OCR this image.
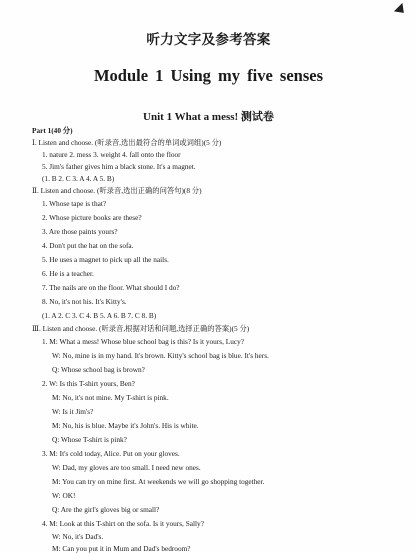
听力文字及参考答案
Module 1 Using my five senses
Unit 1 What a mess! 测试卷
Part 1(40 分)
Ⅰ. Listen and choose. (听录音,选出最符合的单词或词组)(5 分)
1. nature 2. mess 3. weight 4. fall onto the floor
5. Jim's father gives him a black stone. It's a magnet.
(1. B 2. C 3. A 4. A 5. B)
Ⅱ. Listen and choose. (听录音,选出正确的问答句)(8 分)
1. Whose tape is that?
2. Whose picture books are these?
3. Are those paints yours?
4. Don't put the hat on the sofa.
5. He uses a magnet to pick up all the nails.
6. He is a teacher.
7. The nails are on the floor. What should I do?
8. No, it's not his. It's Kitty's.
(1. A 2. C 3. C 4. B 5. A 6. B 7. C 8. B)
Ⅲ. Listen and choose. (听录音,根据对话和问题,选择正确的答案)(5 分)
1. M: What a mess! Whose blue school bag is this? Is it yours, Lucy?
W: No, mine is in my hand. It's brown. Kitty's school bag is blue. It's hers.
Q: Whose school bag is brown?
2. W: Is this T-shirt yours, Ben?
M: No, it's not mine. My T-shirt is pink.
W: Is it Jim's?
M: No, his is blue. Maybe it's John's. His is white.
Q: Whose T-shirt is pink?
3. M: It's cold today, Alice. Put on your gloves.
W: Dad, my gloves are too small. I need new ones.
M: You can try on mine first. At weekends we will go shopping together.
W: OK!
Q: Are the girl's gloves big or small?
4. M: Look at this T-shirt on the sofa. Is it yours, Sally?
W: No, it's Dad's.
M: Can you put it in Mum and Dad's bedroom?
